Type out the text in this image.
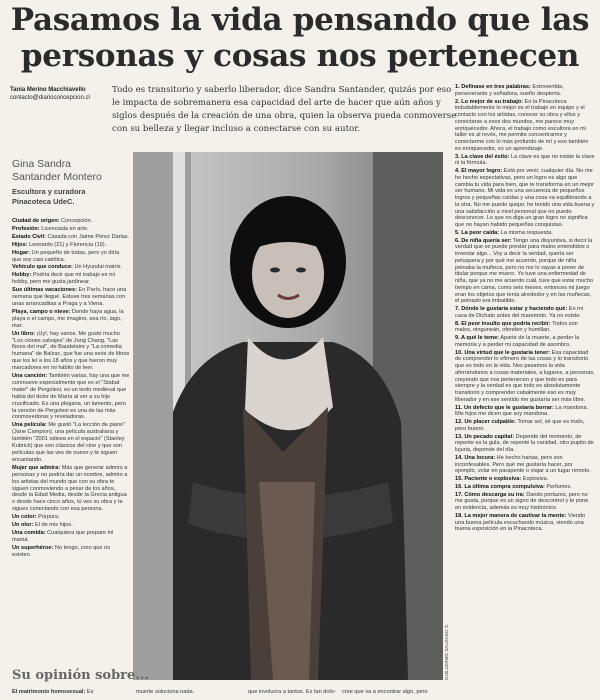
Pasamos la vida pensando que las
personas y cosas nos pertenecen
Tania Merino Macchiavello
contacto@diarioconcepcion.cl
Todo es transitorio y saberlo liberador, dice Sandra Santander, quizás por eso le impacta de sobremanera esa capacidad del arte de hacer que aún años y siglos después de la creación de una obra, quien la observa pueda conmoverse con su belleza y llegar incluso a conectarse con su autor.
Gina Sandra
Santander Montero
Escultora y curadora
Pinacoteca UdeC.

Ciudad de origen: Concepción.

Profesión: Licenciada en arte.

Estado Civil: Casada con Jaime Pérez Darlas.

Hijos: Leonardo (21) y Florencia (19).

Hogar: Un pequeño de todas, pero yo diría que soy casi católica.

Vehículo que conduce: Un Hyundai matrix.

Hobby: Podría decir que mi trabajo es mi hobby, pero me gusta jardinear.

Sus últimas vacaciones: En París, hace una semana que llegué. Estuve tres semanas con unas arrancaditas a Praga y a Viena.

Playa, campo o nieve: Donde haya agua, la playa o el campo, me imagino, sea río, lago, mar.

Un libro: ¡Uy!, hay varios. Me gustó mucho "Los clones salvajes" de Jung Chang, "Las flores del mal", de Baudelaire y "La comedia humana" de Balzac, que fue una serie de libros que los leí a los 18 años y que fueron muy marcadores en mi hábito de leer.

Una canción: También varias, hay una que me conmueve especialmente que es el "Stabat mater" de Pergolesi, es un texto medieval que habla del dolor de María al ver a su hijo crucificado. Es una plegaria, un lamento, pero la versión de Pergolesi es una de las más conmovedoras y reveladoras.

Una película: Me gustó "La lección de piano" (Jane Campion), una película australiana y también "2001 odisea en el espacio" (Stanley Kubrick) que son clásicos del cine y que son películas que las ves de nuevo y te siguen encantando.

Mujer que admira: Más que generar admiro a personas y no podría dar un nombre, admiro a los artistas del mundo que con su obra te siguen conmoviendo a pesar de los años, desde la Edad Media, desde la Grecia antigua o desde hace cinco años, tú ves su obra y te sigues conectando con esa persona.

Un color: Púrpura.

Un olor: El de mis hijos.

Una comida: Cualquiera que prepare mi mamá.

Un superhéroe: No tengo, creo que no existen.

GUILLERMO SALGADO S.

1. Defínase en tres palabras: Extrovertida, perseverante y soñadora, sueño despierta.

2. Lo mejor de su trabajo: En la Pinacoteca indudablemente lo mejor es el trabajo en equipo y el contacto con los artistas, conocer su obra y ellos y conectarse a esos dos mundos, me parece muy enriquecedor. Ahora, el trabajo como escultora en mi taller es al revés, me permite concentrarme y conectarme con lo más profundo de mí y eso también es enriquecedor, es un aprendizaje.

3. La clave del éxito: La clave es que no existe la clave ni la fórmula.

4. El mayor logro: Está por venir, cualquier día. No me he hecho expectativas, pero un logro es algo que cambia tu vida para bien, que te transforma en un mejor ser humano. Mi vida es una secuencia de pequeños logros y pequeñas caídas y una cosa va equilibrando a la otra. No me puedo quejar, he tenido una vida buena y una satisfacción a nivel personal que no puedo desconocer. Lo que no diga un gran logro no significa que no hayan habido pequeñas conquistas.

5. La peor caída: La misma respuesta.

6. De niña quería ser: Tengo una disyuntiva, si decir la verdad que se puede prestar para malos entendidos o inventar algo... Voy a decir la verdad, quería ser peluquera y por qué me acuerdo, porque de niña peinaba la muñeca, pero no me lo vayas a poner de titular porque me muero. Yo tuve una enfermedad de niña, que ya no me acuerdo cuál, tuve que estar mucho tiempo en cama, como seis meses, entonces mi juego eran los objetos que tenía alrededor y en las muñecas, el peinado era imbatible.

7. Dónde le gustaría estar y haciendo qué: En mi casa de Dichato antes del maremoto. Ya no existe.

8. El peor insulto que podría recibir: Todos son malos, ninguneán, ofenden y humillan.

9. A qué le teme: Aparte de la muerte, a perder la memoria y a perder mi capacidad de asombro.

10. Una virtud que le gustaría tener: Esa capacidad de comprender lo efímero de las cosas y lo transitorio que es todo en la vida. Nos pasamos la vida aferrándonos a cosas materiales, a lugares, a personas, creyendo que nos pertenecen y que todo es para siempre y la verdad es que todo es absolutamente transitorio y comprender cabalmente eso es muy liberador y en ese sentido me gustaría ser más libre.

11. Un defecto que le gustaría borrar: La mandona. Mis hijos me dicen que soy mandona.

12. Un placer culpable: Tomar sol, sé que es malo, pero bueno.

13. Un pecado capital: Depende del momento, de repente es la gula, de repente la vanidad, otro pupito de lujuria, depende del día.

14. Una locura: He hecho hartas, pero son inconfesables. Pero qué me gustaría hacer, por ejemplo, volar en parapente o viajar a un lugar remoto.

15. Paciente o explosiva: Explosiva.

16. La última compra compulsiva: Perfumes.

17. Cómo descarga su ira: Dando portazos, pero no me gusta, porque es un signo de descontrol y te pone en evidencia, además es muy histriónico.

18. La mejor manera de cautivar la mente: Viendo una buena película escuchando música, viendo una buena exposición en la Pinacoteca.

Su opinión sobre...
El matrimonio homosexual: Es	muerte soluciona nada.	que involucra a tantos. Es tan dolo- cree que va a encontrar algo, pero
